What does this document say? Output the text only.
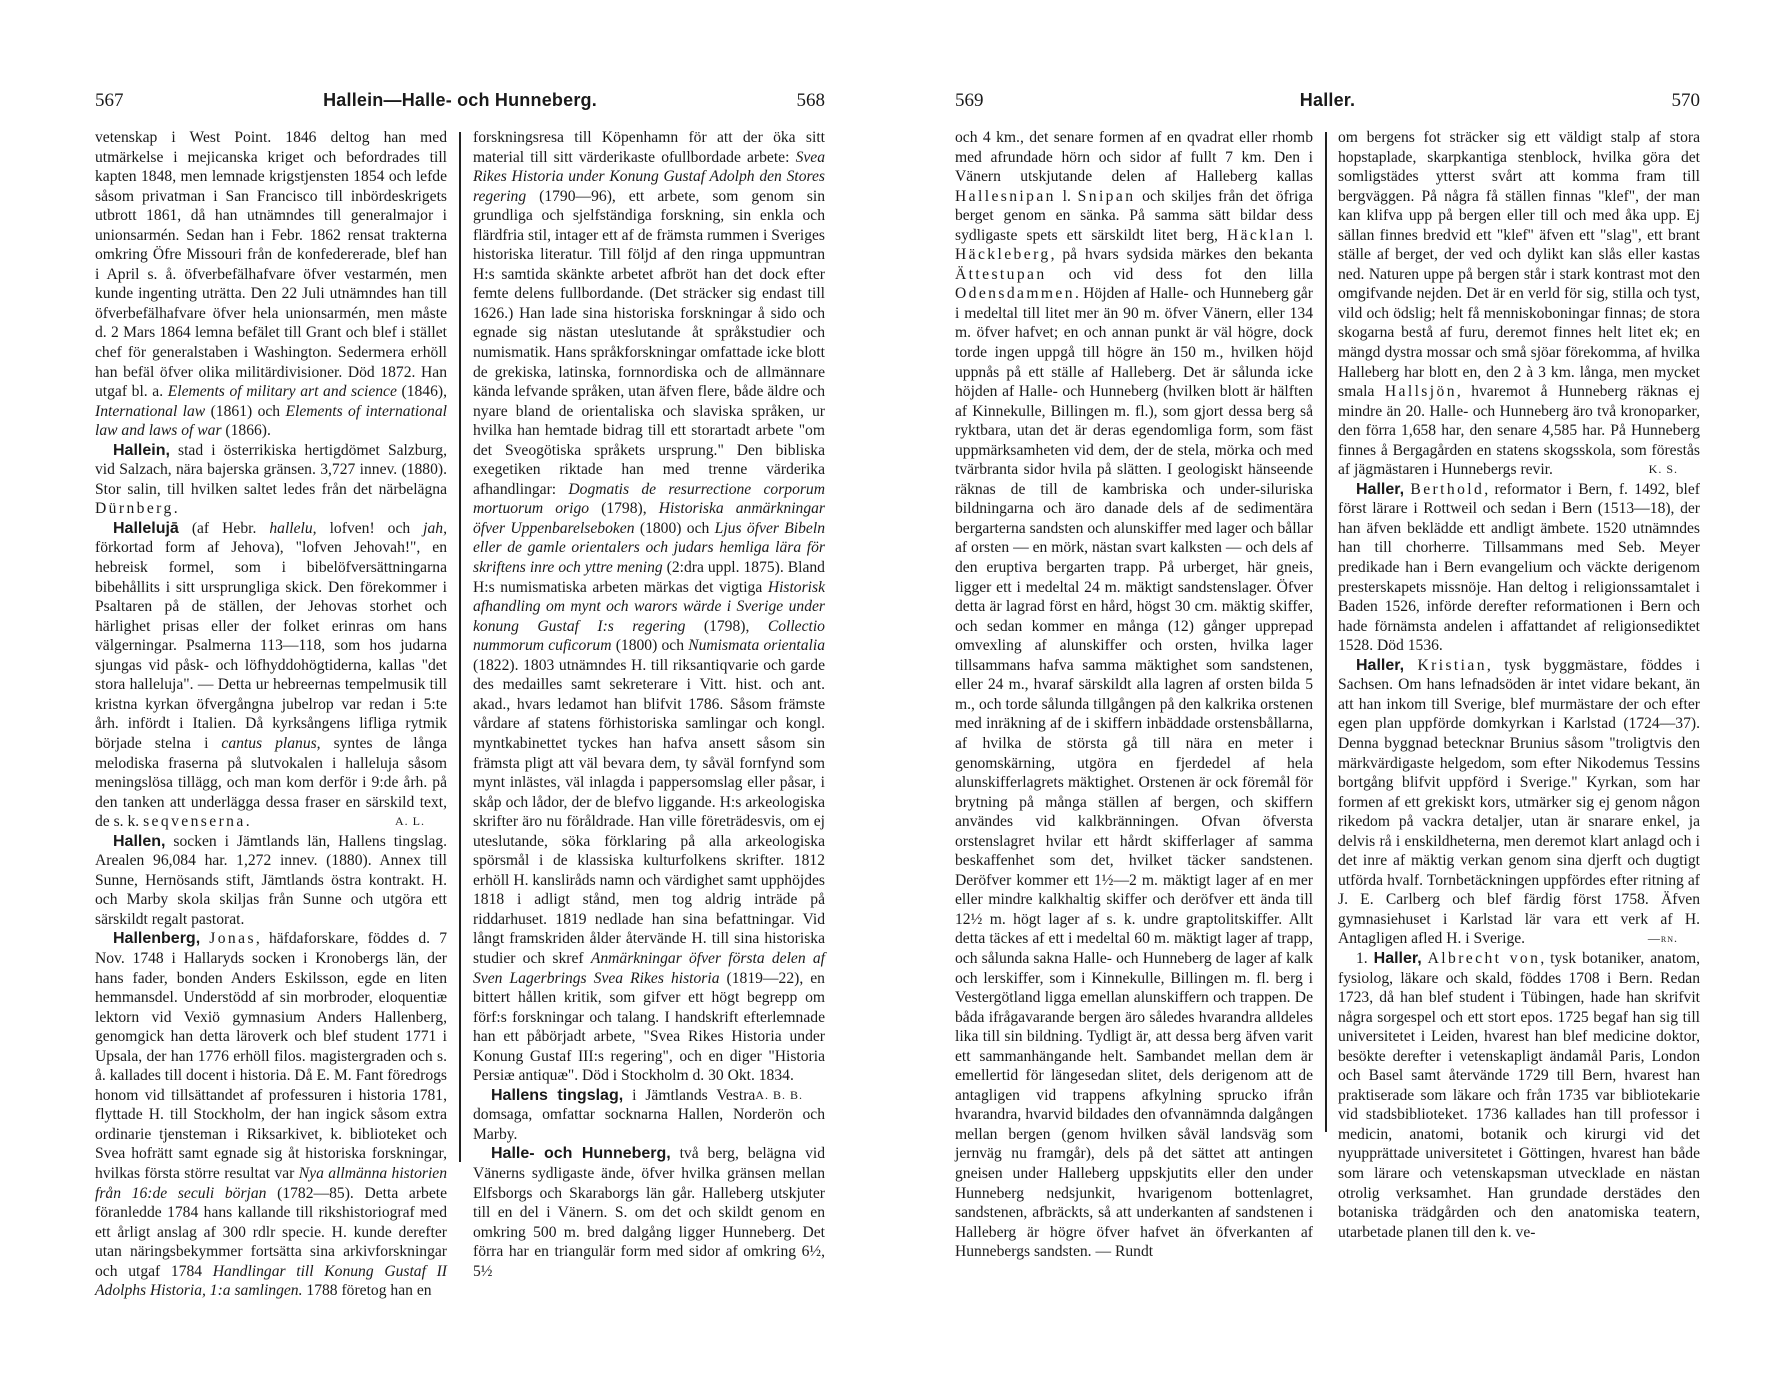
567	Hallein—Halle- och Hunneberg.	568

vetenskap i West Point. 1846 deltog han med utmärkelse i mejicanska kriget och befordrades till kapten 1848, men lemnade krigstjensten 1854 och lefde såsom privatman i San Francisco till inbördeskrigets utbrott 1861, då han utnämndes till generalmajor i unionsarmén. Sedan han i Febr. 1862 rensat trakterna omkring Öfre Missouri från de konfedererade, blef han i April s. å. öfverbefälhafvare öfver vestarmén, men kunde ingenting uträtta. Den 22 Juli utnämndes han till öfverbefälhafvare öfver hela unionsarmén, men måste d. 2 Mars 1864 lemna befälet till Grant och blef i stället chef för generalstaben i Washington. Sedermera erhöll han befäl öfver olika militärdivisioner. Död 1872. Han utgaf bl. a. Elements of military art and science (1846), International law (1861) och Elements of international law and laws of war (1866).

Hallein, stad i österrikiska hertigdömet Salzburg, vid Salzach, nära bajerska gränsen. 3,727 innev. (1880). Stor salin, till hvilken saltet ledes från det närbelägna Dürnberg.

Hallelujā (af Hebr. hallelu, lofven! och jah, förkortad form af Jehova), "lofven Jehovah!", en hebreisk formel, som i bibelöfversättningarna bibehållits i sitt ursprungliga skick. Den förekommer i Psaltaren på de ställen, der Jehovas storhet och härlighet prisas eller der folket erinras om hans välgerningar. Psalmerna 113—118, som hos judarna sjungas vid påsk- och löfhyddohögtiderna, kallas "det stora halleluja". — Detta ur hebreernas tempelmusik till kristna kyrkan öfvergångna jubelrop var redan i 5:te årh. infördt i Italien. Då kyrksångens lifliga rytmik började stelna i cantus planus, syntes de långa melodiska fraserna på slutvokalen i halleluja såsom meningslösa tillägg, och man kom derför i 9:de årh. på den tanken att underlägga dessa fraser en särskild text, de s. k. seqvenserna.	A. L.

Hallen, socken i Jämtlands län, Hallens tingslag. Arealen 96,084 har. 1,272 innev. (1880). Annex till Sunne, Hernösands stift, Jämtlands östra kontrakt. H. och Marby skola skiljas från Sunne och utgöra ett särskildt regalt pastorat.

Hallenberg, Jonas, häfdaforskare, föddes d. 7 Nov. 1748 i Hallaryds socken i Kronobergs län, der hans fader, bonden Anders Eskilsson, egde en liten hemmansdel. Understödd af sin morbroder, eloquentiæ lektorn vid Vexiö gymnasium Anders Hallenberg, genomgick han detta läroverk och blef student 1771 i Upsala, der han 1776 erhöll filos. magistergraden och s. å. kallades till docent i historia. Då E. M. Fant föredrogs honom vid tillsättandet af professuren i historia 1781, flyttade H. till Stockholm, der han ingick såsom extra ordinarie tjensteman i Riksarkivet, k. biblioteket och Svea hofrätt samt egnade sig åt historiska forskningar, hvilkas första större resultat var Nya allmänna historien från 16:de seculi början (1782—85). Detta arbete föranledde 1784 hans kallande till rikshistoriograf med ett årligt anslag af 300 rdlr specie. H. kunde derefter utan näringsbekymmer fortsätta sina arkivforskningar och utgaf 1784 Handlingar till Konung Gustaf II Adolphs Historia, 1:a samlingen. 1788 företog han en

forskningsresa till Köpenhamn för att der öka sitt material till sitt värderikaste ofullbordade arbete: Svea Rikes Historia under Konung Gustaf Adolph den Stores regering (1790—96), ett arbete, som genom sin grundliga och sjelfständiga forskning, sin enkla och flärdfria stil, intager ett af de främsta rummen i Sveriges historiska literatur. Till följd af den ringa uppmuntran H:s samtida skänkte arbetet afbröt han det dock efter femte delens fullbordande. (Det sträcker sig endast till 1626.) Han lade sina historiska forskningar å sido och egnade sig nästan uteslutande åt språkstudier och numismatik. Hans språkforskningar omfattade icke blott de grekiska, latinska, fornnordiska och de allmännare kända lefvande språken, utan äfven flere, både äldre och nyare bland de orientaliska och slaviska språken, ur hvilka han hemtade bidrag till ett storartadt arbete "om det Sveogötiska språkets ursprung." Den bibliska exegetiken riktade han med trenne värderika afhandlingar: Dogmatis de resurrectione corporum mortuorum origo (1798), Historiska anmärkningar öfver Uppenbarelseboken (1800) och Ljus öfver Bibeln eller de gamle orientalers och judars hemliga lära för skriftens inre och yttre mening (2:dra uppl. 1875). Bland H:s numismatiska arbeten märkas det vigtiga Historisk afhandling om mynt och warors wärde i Sverige under konung Gustaf I:s regering (1798), Collectio nummorum cuficorum (1800) och Numismata orientalia (1822). 1803 utnämndes H. till riksantiqvarie och garde des medailles samt sekreterare i Vitt. hist. och ant. akad., hvars ledamot han blifvit 1786. Såsom främste vårdare af statens förhistoriska samlingar och kongl. myntkabinettet tyckes han hafva ansett såsom sin främsta pligt att väl bevara dem, ty såväl fornfynd som mynt inlästes, väl inlagda i pappersomslag eller påsar, i skåp och lådor, der de blefvo liggande. H:s arkeologiska skrifter äro nu föråldrade. Han ville företrädesvis, om ej uteslutande, söka förklaring på alla arkeologiska spörsmål i de klassiska kulturfolkens skrifter. 1812 erhöll H. kansliråds namn och värdighet samt upphöjdes 1818 i adligt stånd, men tog aldrig inträde på riddarhuset. 1819 nedlade han sina befattningar. Vid långt framskriden ålder återvände H. till sina historiska studier och skref Anmärkningar öfver första delen af Sven Lagerbrings Svea Rikes historia (1819—22), en bittert hållen kritik, som gifver ett högt begrepp om förf:s forskningar och talang. I handskrift efterlemnade han ett påbörjadt arbete, "Svea Rikes Historia under Konung Gustaf III:s regering", och en diger "Historia Persiæ antiquæ". Död i Stockholm d. 30 Okt. 1834.
A. B. B.

Hallens tingslag, i Jämtlands Vestra domsaga, omfattar socknarna Hallen, Norderön och Marby.

Halle- och Hunneberg, två berg, belägna vid Vänerns sydligaste ände, öfver hvilka gränsen mellan Elfsborgs och Skaraborgs län går. Halleberg utskjuter till en del i Vänern. S. om det och skildt genom en omkring 500 m. bred dalgång ligger Hunneberg. Det förra har en triangulär form med sidor af omkring 6½, 5½

569	Haller.	570

och 4 km., det senare formen af en qvadrat eller rhomb med afrundade hörn och sidor af fullt 7 km. Den i Vänern utskjutande delen af Halleberg kallas Hallesnipan l. Snipan och skiljes från det öfriga berget genom en sänka. På samma sätt bildar dess sydligaste spets ett särskildt litet berg, Häcklan l. Häckleberg, på hvars sydsida märkes den bekanta Ättestupan och vid dess fot den lilla Odensdammen. Höjden af Halle- och Hunneberg går i medeltal till litet mer än 90 m. öfver Vänern, eller 134 m. öfver hafvet; en och annan punkt är väl högre, dock torde ingen uppgå till högre än 150 m., hvilken höjd uppnås på ett ställe af Halleberg. Det är sålunda icke höjden af Halle- och Hunneberg (hvilken blott är hälften af Kinnekulle, Billingen m. fl.), som gjort dessa berg så ryktbara, utan det är deras egendomliga form, som fäst uppmärksamheten vid dem, der de stela, mörka och med tvärbranta sidor hvila på slätten. I geologiskt hänseende räknas de till de kambriska och under-siluriska bildningarna och äro danade dels af de sedimentära bergarterna sandsten och alunskiffer med lager och bållar af orsten — en mörk, nästan svart kalksten — och dels af den eruptiva bergarten trapp. På urberget, här gneis, ligger ett i medeltal 24 m. mäktigt sandstenslager. Öfver detta är lagrad först en hård, högst 30 cm. mäktig skiffer, och sedan kommer en många (12) gånger upprepad omvexling af alunskiffer och orsten, hvilka lager tillsammans hafva samma mäktighet som sandstenen, eller 24 m., hvaraf särskildt alla lagren af orsten bilda 5 m., och torde sålunda tillgången på den kalkrika orstenen med inräkning af de i skiffern inbäddade orstensbållarna, af hvilka de största gå till nära en meter i genomskärning, utgöra en fjerdedel af hela alunskifferlagrets mäktighet. Orstenen är ock föremål för brytning på många ställen af bergen, och skiffern användes vid kalkbränningen. Ofvan öfversta orstenslagret hvilar ett hårdt skifferlager af samma beskaffenhet som det, hvilket täcker sandstenen. Deröfver kommer ett 1½—2 m. mäktigt lager af en mer eller mindre kalkhaltig skiffer och deröfver ett ända till 12½ m. högt lager af s. k. undre graptolitskiffer. Allt detta täckes af ett i medeltal 60 m. mäktigt lager af trapp, och sålunda sakna Halle- och Hunneberg de lager af kalk och lerskiffer, som i Kinnekulle, Billingen m. fl. berg i Vestergötland ligga emellan alunskiffern och trappen. De båda ifrågavarande bergen äro således hvarandra alldeles lika till sin bildning. Tydligt är, att dessa berg äfven varit ett sammanhängande helt. Sambandet mellan dem är emellertid för längesedan slitet, dels derigenom att de antagligen vid trappens afkylning sprucko ifrån hvarandra, hvarvid bildades den ofvannämnda dalgången mellan bergen (genom hvilken såväl landsväg som jernväg nu framgår), dels på det sättet att antingen gneisen under Halleberg uppskjutits eller den under Hunneberg nedsjunkit, hvarigenom bottenlagret, sandstenen, afbräckts, så att underkanten af sandstenen i Halleberg är högre öfver hafvet än öfverkanten af Hunnebergs sandsten. — Rundt

om bergens fot sträcker sig ett väldigt stalp af stora hopstaplade, skarpkantiga stenblock, hvilka göra det somligstädes ytterst svårt att komma fram till bergväggen. På några få ställen finnas "klef", der man kan klifva upp på bergen eller till och med åka upp. Ej sällan finnes bredvid ett "klef" äfven ett "slag", ett brant ställe af berget, der ved och dylikt kan slås eller kastas ned. Naturen uppe på bergen står i stark kontrast mot den omgifvande nejden. Det är en verld för sig, stilla och tyst, vild och ödslig; helt få menniskoboningar finnas; de stora skogarna bestå af furu, deremot finnes helt litet ek; en mängd dystra mossar och små sjöar förekomma, af hvilka Halleberg har blott en, den 2 à 3 km. långa, men mycket smala Hallsjön, hvaremot å Hunneberg räknas ej mindre än 20. Halle- och Hunneberg äro två kronoparker, den förra 1,658 har, den senare 4,585 har. På Hunneberg finnes å Bergagården en statens skogsskola, som förestås af jägmästaren i Hunnebergs revir.	K. S.

Haller, Berthold, reformator i Bern, f. 1492, blef först lärare i Rottweil och sedan i Bern (1513—18), der han äfven beklädde ett andligt ämbete. 1520 utnämndes han till chorherre. Tillsammans med Seb. Meyer predikade han i Bern evangelium och väckte derigenom presterskapets missnöje. Han deltog i religionssamtalet i Baden 1526, införde derefter reformationen i Bern och hade förnämsta andelen i affattandet af religionsediktet 1528. Död 1536.

Haller, Kristian, tysk byggmästare, föddes i Sachsen. Om hans lefnadsöden är intet vidare bekant, än att han inkom till Sverige, blef murmästare der och efter egen plan uppförde domkyrkan i Karlstad (1724—37). Denna byggnad betecknar Brunius såsom "troligtvis den märkvärdigaste helgedom, som efter Nikodemus Tessins bortgång blifvit uppförd i Sverige." Kyrkan, som har formen af ett grekiskt kors, utmärker sig ej genom någon rikedom på vackra detaljer, utan är snarare enkel, ja delvis rå i enskildheterna, men deremot klart anlagd och i det inre af mäktig verkan genom sina djerft och dugtigt utförda hvalf. Tornbetäckningen uppfördes efter ritning af J. E. Carlberg och blef färdig först 1758. Äfven gymnasiehuset i Karlstad lär vara ett verk af H. Antagligen afled H. i Sverige.	—rn.

1. Haller, Albrecht von, tysk botaniker, anatom, fysiolog, läkare och skald, föddes 1708 i Bern. Redan 1723, då han blef student i Tübingen, hade han skrifvit några sorgespel och ett stort epos. 1725 begaf han sig till universitetet i Leiden, hvarest han blef medicine doktor, besökte derefter i vetenskapligt ändamål Paris, London och Basel samt återvände 1729 till Bern, hvarest han praktiserade som läkare och från 1735 var bibliotekarie vid stadsbiblioteket. 1736 kallades han till professor i medicin, anatomi, botanik och kirurgi vid det nyupprättade universitetet i Göttingen, hvarest han både som lärare och vetenskapsman utvecklade en nästan otrolig verksamhet. Han grundade derstädes den botaniska trädgården och den anatomiska teatern, utarbetade planen till den k. ve-
